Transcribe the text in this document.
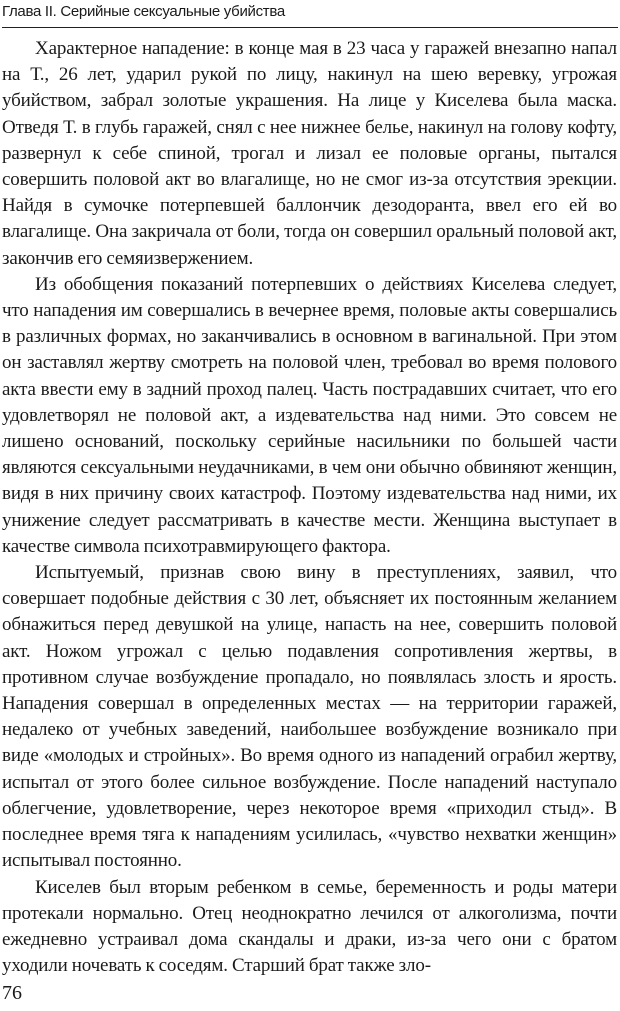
Глава II. Серийные сексуальные убийства

Характерное нападение: в конце мая в 23 часа у гаражей внезапно напал на Т., 26 лет, ударил рукой по лицу, накинул на шею веревку, угрожая убийством, забрал золотые украшения. На лице у Киселева была маска. Отведя Т. в глубь гаражей, снял с нее нижнее белье, накинул на голову кофту, развернул к себе спиной, трогал и лизал ее половые органы, пытался совершить половой акт во влагалище, но не смог из-за отсутствия эрекции. Найдя в сумочке потерпевшей баллончик дезодоранта, ввел его ей во влагалище. Она закричала от боли, тогда он совершил оральный половой акт, закончив его семяизвержением.

Из обобщения показаний потерпевших о действиях Киселева следует, что нападения им совершались в вечернее время, половые акты совершались в различных формах, но заканчивались в основном в вагинальной. При этом он заставлял жертву смотреть на половой член, требовал во время полового акта ввести ему в задний проход палец. Часть пострадавших считает, что его удовлетворял не половой акт, а издевательства над ними. Это совсем не лишено оснований, поскольку серийные насильники по большей части являются сексуальными неудачниками, в чем они обычно обвиняют женщин, видя в них причину своих катастроф. Поэтому издевательства над ними, их унижение следует рассматривать в качестве мести. Женщина выступает в качестве символа психотравмирующего фактора.

Испытуемый, признав свою вину в преступлениях, заявил, что совершает подобные действия с 30 лет, объясняет их постоянным желанием обнажиться перед девушкой на улице, напасть на нее, совершить половой акт. Ножом угрожал с целью подавления сопротивления жертвы, в противном случае возбуждение пропадало, но появлялась злость и ярость. Нападения совершал в определенных местах — на территории гаражей, недалеко от учебных заведений, наибольшее возбуждение возникало при виде «молодых и стройных». Во время одного из нападений ограбил жертву, испытал от этого более сильное возбуждение. После нападений наступало облегчение, удовлетворение, через некоторое время «приходил стыд». В последнее время тяга к нападениям усилилась, «чувство нехватки женщин» испытывал постоянно.

Киселев был вторым ребенком в семье, беременность и роды матери протекали нормально. Отец неоднократно лечился от алкоголизма, почти ежедневно устраивал дома скандалы и драки, из-за чего они с братом уходили ночевать к соседям. Старший брат также зло-

76
